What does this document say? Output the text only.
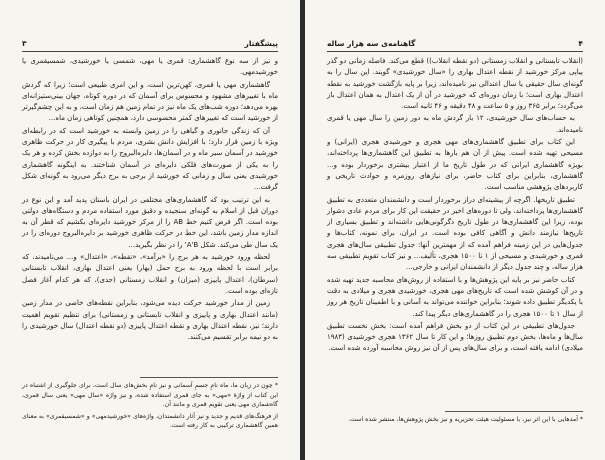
پیشگفتار
۳

و نیز از سه نوع گاهشماری: قمری یا مهی، شمسی یا خورشیدی، شمسیقمری یا خورشیدمهی.

گاهشماری مهی یا قمری، کهن‌ترین است، و این امری طبیعی است؛ زیرا که گردش ماه با تغییرهای مشهود و محسوس برای آسمان که در دوره کوتاه، جهان بینی‌ستیزانه‌ای بهره می‌دهد؛ دوره شب‌های یک ماه نیز در تمام زمین هم زمان است، و به این چشم‌گیرتر از خورشید است که تغییرهای کمتر محسوسی دارد، همچنین کوتاهی زمان ماه...

آن که زندگی جانوری و گیاهی را در زمین وابسته به خورشید است که در رابطه‌ای ویژه با زمین قرار دارد؛ با افزایش دانش بشری، مردم با پیگیری کار در حرکت ظاهری خورشید در آسمان سیر ماه و در آسمان‌ها، دایره‌البروج را به دوازده بخش کرده و هر یک را به یکی از صورت‌های فلکی دایره‌ای در آسمان شناختند. به اینگونه گاهشماری خورشیدی یعنی سال و زمانی که خورشید از برجی به برج دیگر می‌رود به گونه‌ای شکل گرفت...

به این ترتیب بود که گاهشماری‌های مختلفی در ایران باستان پدید آمد و این نوع در دوران قبل از اسلام به گونه‌ای سنجیده و دقیق مورد استفاده مردم و دستگاه‌های دولتی بوده است. اگر فرض کنیم خط AB را از مرکز خورشید دایره‌ای بکشیم که قطر آن به اندازه مدار زمین باشد، این خط در حرکت ظاهری خورشید بر دایره‌البروج دوره‌ای را در یک سال طی می‌کند. شکل A'B' را در نظر بگیرید...

لحظه ورود خورشید به هر برج را «برآمد»، «نقطه»، «اعتدال» و... می‌نامیدند، که برابر است با لحظه ورود به برج حمل (بهار) یعنی اعتدال بهاری، انقلاب تابستانی (سرطان)، اعتدال پاییزی (میزان) و انقلاب زمستانی (جدی)، که هر کدام آغاز فصل تازه‌ای بوده است.

زمین از مدار خورشید حرکت دیده می‌شود، بنابراین نقطه‌های خاصی در مدار زمین (مانند اعتدال بهاری و پاییزی و انقلاب تابستانی و زمستانی) برای تنظیم تقویم اهمیت دارند؛ نیز، نقطه اعتدال بهاری و نقطه اعتدال پاییزی (دو نقطه اعتدال) سال خورشیدی را به دو نیمه برابر تقسیم می‌کنند.

* چون در زبان ما، ماه نامِ جسمِ آسمانی و نیز نامِ بخش‌های سال است، برای جلوگیری از اشتباه در این کتاب از واژهٔ «مهی» به جای قمری استفاده شده، و نیز واژه «سال مهی» یعنی سال قمری، گاه‌شماری مهی یعنی تقویم قمری و مانند آن.

از فرهنگ‌های قدیم و جدید و نیز آثار دانشمندان، واژه‌های «خورشیدمهی» و «شمسیقمری» به معنای همین گاهشماری ترکیبی به کار رفته است.

۴
گاهنامه‌ی سه هزار ساله

(انقلاب تابستانی و انقلاب زمستانی (دو نقطه انقلاب)) قطع می‌کند. فاصله زمانی دو گذر پیاپی مرکز خورشید از نقطه اعتدال بهاری را «سال خورشیدی» گویند. این سال را به گونه‌ای سال حقیقی یا سال اعتدالی نیز نامیده‌اند، زیرا بر پایه بازگشت خورشید به نقطه اعتدال بهاری است؛ با زمان دوره‌ای که خورشید در آن از یک اعتدال به همان اعتدال باز می‌گردد؛ برابر ۳۶۵ روز و ۵ ساعت و ۴۸ دقیقه و ۴۶ ثانیه است.

به حساب‌های سال خورشیدی، ۱۲ بار گردش ماه به دور زمین را سال مهی یا قمری نامیده‌اند.

این کتاب برای تطبیق گاهشماری‌های مهی هجری و خورشیدی هجری (ایرانی) و مسیحی تهیه شده است. پیش از آن هم بارها به تطبیق این گاهشماری‌ها پرداخته‌اند، بویژه گاهشماری ایرانی که در طول تاریخ ما از اعتبار بیشتری برخوردار بوده و... گاهشماری، بنابراین برای کتاب حاضر، برای نیازهای روزمره و حوادث تاریخی و کاربردهای پژوهشی مناسب است.

تطبیق تاریخها. اگرچه از پیشینه‌ای دراز برخوردار است و دانشمندان متعددی به تطبیق گاهشماری‌ها پرداخته‌اند، ولی تا دوره‌های اخیر در حقیقت این کار برای مردم عادی دشوار بوده، زیرا این گاهشماری‌ها در طول تاریخ دگرگونی‌هایی داشته‌اند و تطبیق بسیاری از تاریخ‌ها نیازمند دانش و آگاهی کافی بوده است. در ایران، برای نمونه، کتاب‌ها و جدول‌هایی در این زمینه فراهم آمده که از مهمترین آنها: جدول تطبیقی سال‌های هجری قمری و خورشیدی و مسیحی از ۱ تا ۱۵۰۰ هجری، تألیف... و نیز کتاب تقویم تطبیقی سه هزار ساله، و چند جدول دیگر از دانشمندان ایرانی و خارجی...

کتاب حاضر نیز بر پایه این پژوهش‌ها و با استفاده از روش‌های محاسبه جدید تهیه شده و در آن کوشش شده است که تاریخ‌های مهی هجری، خورشیدی هجری و میلادی به دقت با یکدیگر تطبیق داده شوند؛ بنابراین خواننده می‌تواند به آسانی و با اطمینان تاریخ هر روز از سال ۱ تا ۱۵۰۰ هجری را در گاهشماری‌های دیگر پیدا کند.

جدول‌های تطبیقی در این کتاب از دو بخش فراهم آمده است: بخش نخست تطبیق سال‌ها و ماه‌ها، بخش دوم تطبیق روزها؛ و این کار تا سال ۱۳۶۲ هجری خورشیدی (۱۹۸۳ میلادی) ادامه یافته است، و برای سال‌های پس از آن نیز روش محاسبه آورده شده است.

* آمدهایی با این اثر نیز، با مسئولیت هیئت تحریریه و نیز بخش پژوهش‌ها، منتشر شده است.
